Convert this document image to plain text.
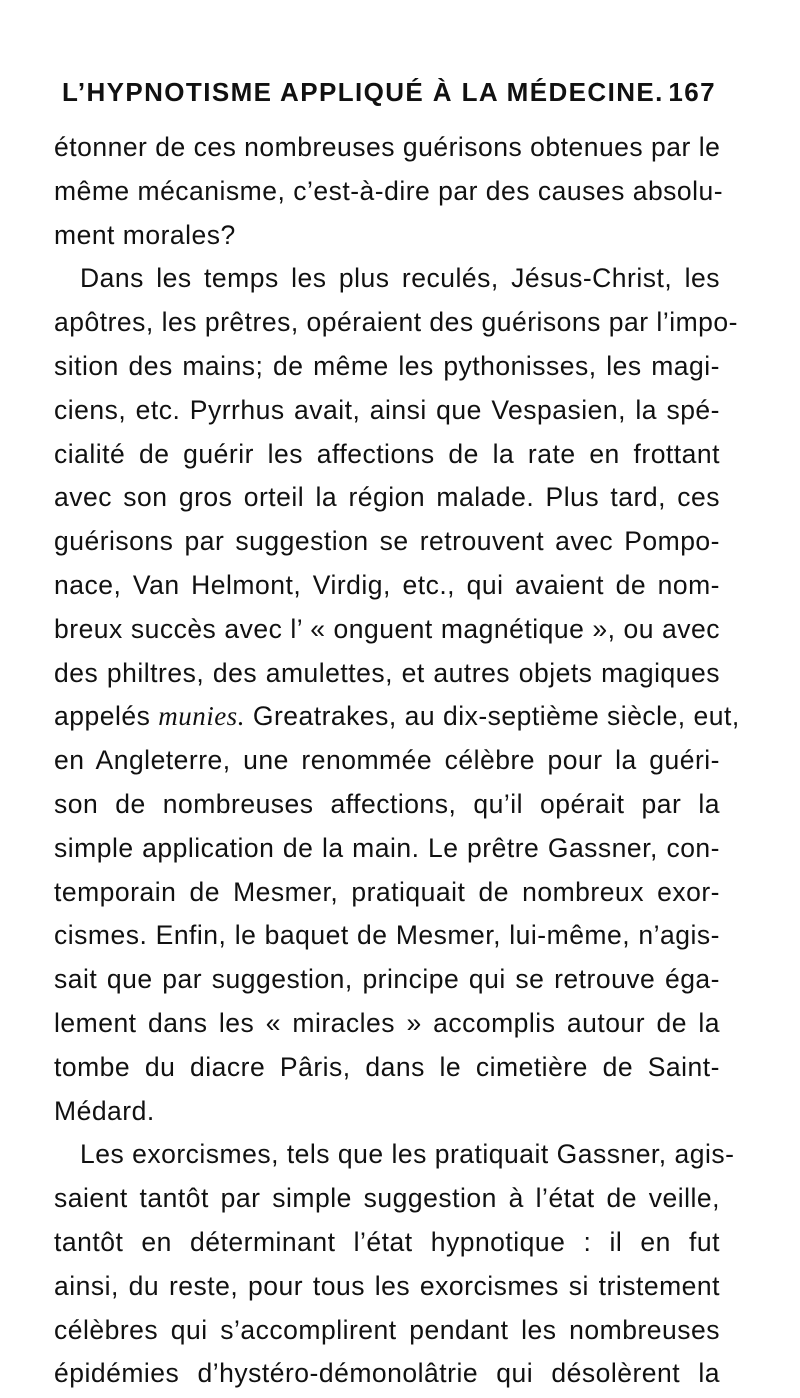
L’HYPNOTISME APPLIQUÉ À LA MÉDECINE. 167
étonner de ces nombreuses guérisons obtenues par le
même mécanisme, c’est-à-dire par des causes absolu-
ment morales?
Dans les temps les plus reculés, Jésus-Christ, les
apôtres, les prêtres, opéraient des guérisons par l’impo-
sition des mains; de même les pythonisses, les magi-
ciens, etc. Pyrrhus avait, ainsi que Vespasien, la spé-
cialité de guérir les affections de la rate en frottant
avec son gros orteil la région malade. Plus tard, ces
guérisons par suggestion se retrouvent avec Pompo-
nace, Van Helmont, Virdig, etc., qui avaient de nom-
breux succès avec l’ « onguent magnétique », ou avec
des philtres, des amulettes, et autres objets magiques
appelés munies. Greatrakes, au dix-septième siècle, eut,
en Angleterre, une renommée célèbre pour la guéri-
son de nombreuses affections, qu’il opérait par la
simple application de la main. Le prêtre Gassner, con-
temporain de Mesmer, pratiquait de nombreux exor-
cismes. Enfin, le baquet de Mesmer, lui-même, n’agis-
sait que par suggestion, principe qui se retrouve éga-
lement dans les « miracles » accomplis autour de la
tombe du diacre Pâris, dans le cimetière de Saint-
Médard.
Les exorcismes, tels que les pratiquait Gassner, agis-
saient tantôt par simple suggestion à l’état de veille,
tantôt en déterminant l’état hypnotique : il en fut
ainsi, du reste, pour tous les exorcismes si tristement
célèbres qui s’accomplirent pendant les nombreuses
épidémies d’hystéro-démonolâtrie qui désolèrent la
